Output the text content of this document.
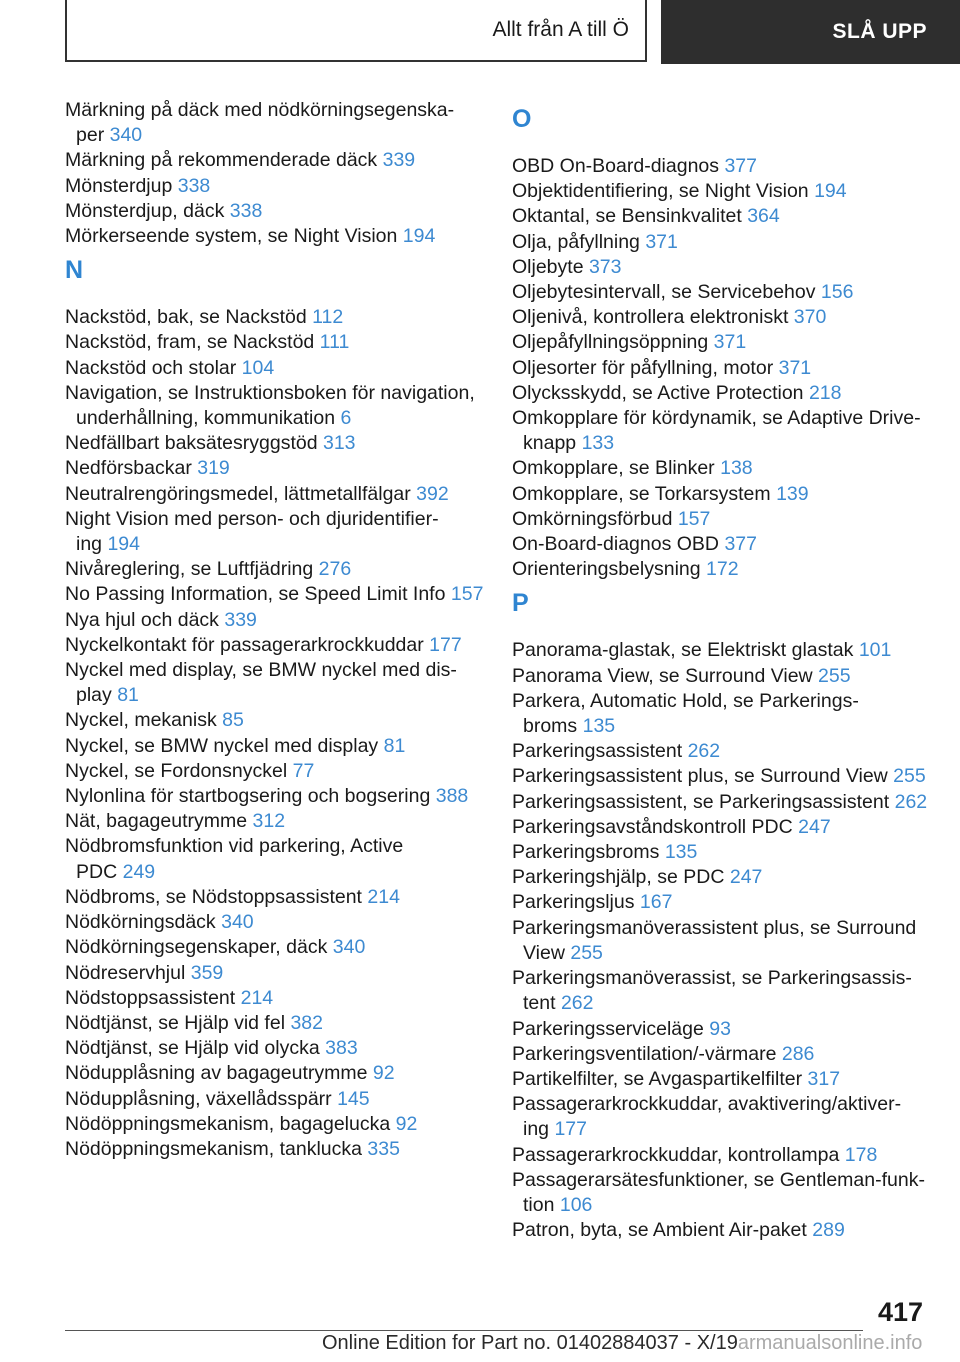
Allt från A till Ö	SLÅ UPP
Märkning på däck med nödkörningsegenska-
per 340
Märkning på rekommenderade däck 339
Mönsterdjup 338
Mönsterdjup, däck 338
Mörkerseende system, se Night Vision 194
N
Nackstöd, bak, se Nackstöd 112
Nackstöd, fram, se Nackstöd 111
Nackstöd och stolar 104
Navigation, se Instruktionsboken för navigation,
underhållning, kommunikation 6
Nedfällbart baksätesryggstöd 313
Nedförsbackar 319
Neutralrengöringsmedel, lättmetallfälgar 392
Night Vision med person- och djuridentifier-
ing 194
Nivåreglering, se Luftfjädring 276
No Passing Information, se Speed Limit Info 157
Nya hjul och däck 339
Nyckelkontakt för passagerarkrockkuddar 177
Nyckel med display, se BMW nyckel med dis-
play 81
Nyckel, mekanisk 85
Nyckel, se BMW nyckel med display 81
Nyckel, se Fordonsnyckel 77
Nylonlina för startbogsering och bogsering 388
Nät, bagageutrymme 312
Nödbromsfunktion vid parkering, Active
PDC 249
Nödbroms, se Nödstoppsassistent 214
Nödkörningsdäck 340
Nödkörningsegenskaper, däck 340
Nödreservhjul 359
Nödstoppsassistent 214
Nödtjänst, se Hjälp vid fel 382
Nödtjänst, se Hjälp vid olycka 383
Nödupplåsning av bagageutrymme 92
Nödupplåsning, växellådsspärr 145
Nödöppningsmekanism, bagagelucka 92
Nödöppningsmekanism, tanklucka 335
O
OBD On-Board-diagnos 377
Objektidentifiering, se Night Vision 194
Oktantal, se Bensinkvalitet 364
Olja, påfyllning 371
Oljebyte 373
Oljebytesintervall, se Servicebehov 156
Oljenivå, kontrollera elektroniskt 370
Oljepåfyllningsöppning 371
Oljesorter för påfyllning, motor 371
Olycksskydd, se Active Protection 218
Omkopplare för kördynamik, se Adaptive Drive-
knapp 133
Omkopplare, se Blinker 138
Omkopplare, se Torkarsystem 139
Omkörningsförbud 157
On-Board-diagnos OBD 377
Orienteringsbelysning 172
P
Panorama-glastak, se Elektriskt glastak 101
Panorama View, se Surround View 255
Parkera, Automatic Hold, se Parkerings-
broms 135
Parkeringsassistent 262
Parkeringsassistent plus, se Surround View 255
Parkeringsassistent, se Parkeringsassistent 262
Parkeringsavståndskontroll PDC 247
Parkeringsbroms 135
Parkeringshjälp, se PDC 247
Parkeringsljus 167
Parkeringsmanöverassistent plus, se Surround
View 255
Parkeringsmanöverassist, se Parkeringsassis-
tent 262
Parkeringsserviceläge 93
Parkeringsventilation/-värmare 286
Partikelfilter, se Avgaspartikelfilter 317
Passagerarkrockkuddar, avaktivering/aktiver-
ing 177
Passagerarkrockkuddar, kontrollampa 178
Passagerarsätesfunktioner, se Gentleman-funk-
tion 106
Patron, byta, se Ambient Air-paket 289
417
Online Edition for Part no. 01402884037 - X/19armanualsonline.info
